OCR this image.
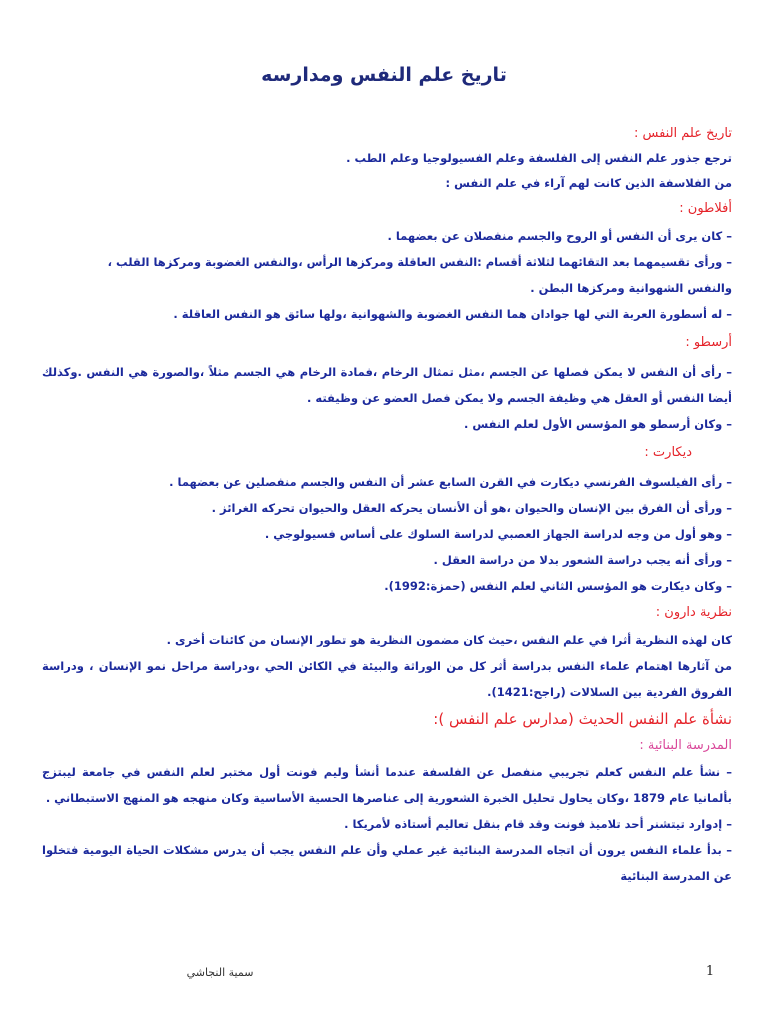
تاريخ علم النفس ومدارسه
تاريخ علم النفس :
ترجع جذور علم النفس إلى الفلسفة وعلم الفسيولوجيا وعلم الطب .
من الفلاسفة الذين كانت لهم آراء في علم النفس :
أفلاطون :
– كان يرى أن النفس أو الروح والجسم منفصلان عن بعضهما .
– ورأى تقسيمهما بعد التقائهما لثلاثة أقسام :النفس العاقلة ومركزها الرأس ،والنفس الغضوبة ومركزها القلب ،
والنفس الشهوانية ومركزها البطن .
– له أسطورة العربة التي لها جوادان هما النفس الغضوبة والشهوانية ،ولها سائق هو النفس العاقلة .
أرسطو :
– رأى أن النفس لا يمكن فصلها عن الجسم ،مثل تمثال الرخام ،فمادة الرخام هي الجسم مثلاً ،والصورة هي النفس .وكذلك أيضا النفس أو العقل هي وظيفة الجسم ولا يمكن فصل العضو عن وظيفته .
– وكان أرسطو هو المؤسس الأول لعلم النفس .
ديكارت :
– رأى الفيلسوف الفرنسي ديكارت في القرن السابع عشر أن النفس والجسم منفصلين عن بعضهما .
– ورأى أن الفرق بين الإنسان والحيوان ،هو أن الأنسان يحركه العقل والحيوان تحركه الغرائز .
– وهو أول من وجه لدراسة الجهاز العصبي لدراسة السلوك على أساس فسيولوجي .
– ورأى أنه يجب دراسة الشعور بدلا من دراسة العقل .
– وكان ديكارت هو المؤسس الثاني لعلم النفس (حمزة:1992).
نظرية دارون :
كان لهذه النظرية أثرا في علم النفس ،حيث كان مضمون النظرية هو تطور الإنسان من كائنات أخرى .
من آثارها اهتمام علماء النفس بدراسة أثر كل من الوراثة والبيئة في الكائن الحي ،ودراسة مراحل نمو الإنسان ، ودراسة الفروق الفردية بين السلالات (راجح:1421).
نشأة علم النفس الحديث (مدارس علم النفس ):
المدرسة البنائية :
– نشأ علم النفس كعلم تجريبي منفصل عن الفلسفة عندما أنشأ وليم فونت أول مختبر لعلم النفس في جامعة ليبتزج بألمانيا عام 1879 ،وكان يحاول تحليل الخبرة الشعورية إلى عناصرها الحسية الأساسية وكان منهجه هو المنهج الاستبطاني .
– إدوارد تيتشنر أحد تلاميذ فونت وقد قام بنقل تعاليم أستاذه لأمريكا .
– بدأ علماء النفس يرون أن اتجاه المدرسة البنائية غير عملي وأن علم النفس يجب أن يدرس مشكلات الحياة اليومية فتخلوا عن المدرسة البنائية
سمية النجاشي	1
